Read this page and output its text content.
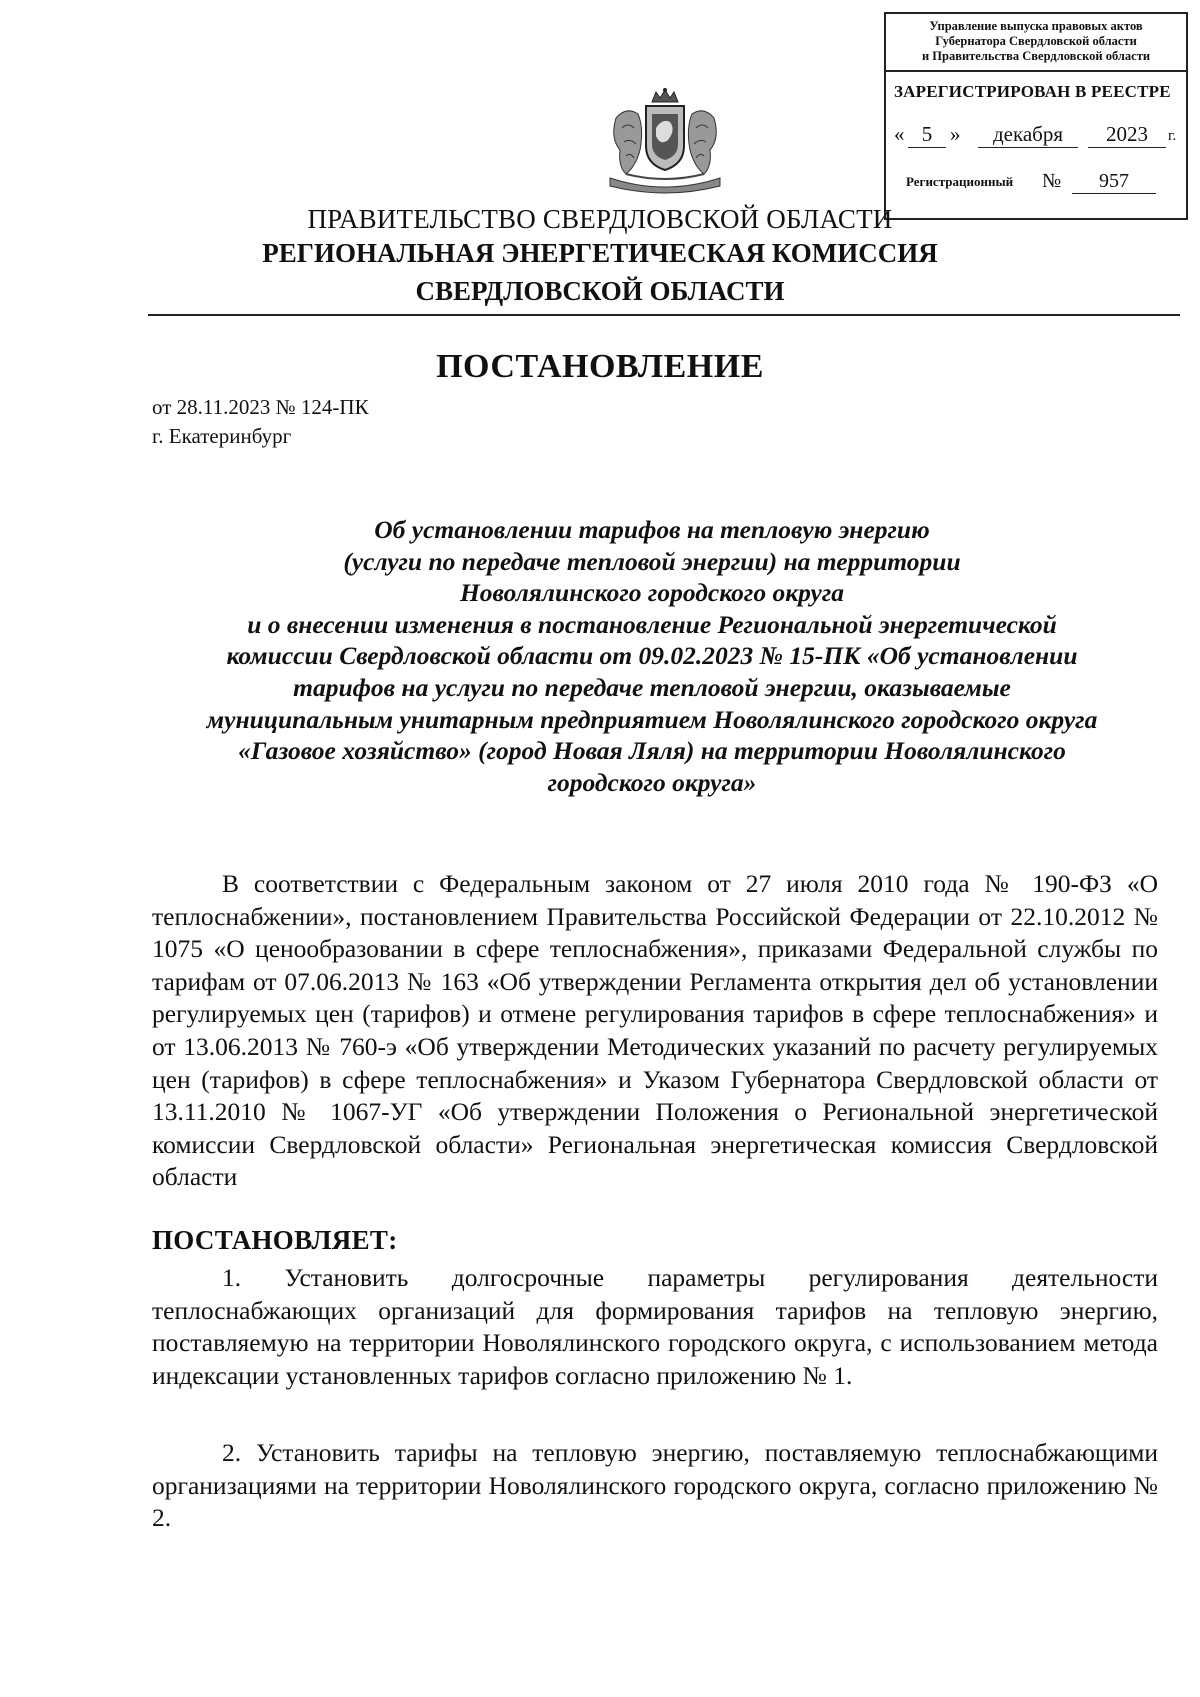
Управление выпуска правовых актов
Губернатора Свердловской области
и Правительства Свердловской области
ЗАРЕГИСТРИРОВАН В РЕЕСТРЕ
« 5 »	декабря	2023	г.
Регистрационный №	957
ПРАВИТЕЛЬСТВО СВЕРДЛОВСКОЙ ОБЛАСТИ
РЕГИОНАЛЬНАЯ ЭНЕРГЕТИЧЕСКАЯ КОМИССИЯ
СВЕРДЛОВСКОЙ ОБЛАСТИ
ПОСТАНОВЛЕНИЕ
от 28.11.2023 № 124-ПК
г. Екатеринбург
Об установлении тарифов на тепловую энергию
(услуги по передаче тепловой энергии) на территории
Новолялинского городского округа
и о внесении изменения в постановление Региональной энергетической
комиссии Свердловской области от 09.02.2023 № 15-ПК «Об установлении
тарифов на услуги по передаче тепловой энергии, оказываемые
муниципальным унитарным предприятием Новолялинского городского округа
«Газовое хозяйство» (город Новая Ляля) на территории Новолялинского
городского округа»
В соответствии с Федеральным законом от 27 июля 2010 года № 190-ФЗ «О теплоснабжении», постановлением Правительства Российской Федерации от 22.10.2012 № 1075 «О ценообразовании в сфере теплоснабжения», приказами Федеральной службы по тарифам от 07.06.2013 № 163 «Об утверждении Регламента открытия дел об установлении регулируемых цен (тарифов) и отмене регулирования тарифов в сфере теплоснабжения» и от 13.06.2013 № 760-э «Об утверждении Методических указаний по расчету регулируемых цен (тарифов) в сфере теплоснабжения» и Указом Губернатора Свердловской области от 13.11.2010 № 1067-УГ «Об утверждении Положения о Региональной энергетической комиссии Свердловской области» Региональная энергетическая комиссия Свердловской области
ПОСТАНОВЛЯЕТ:
1. Установить долгосрочные параметры регулирования деятельности теплоснабжающих организаций для формирования тарифов на тепловую энергию, поставляемую на территории Новолялинского городского округа, с использованием метода индексации установленных тарифов согласно приложению № 1.
2. Установить тарифы на тепловую энергию, поставляемую теплоснабжающими организациями на территории Новолялинского городского округа, согласно приложению № 2.
